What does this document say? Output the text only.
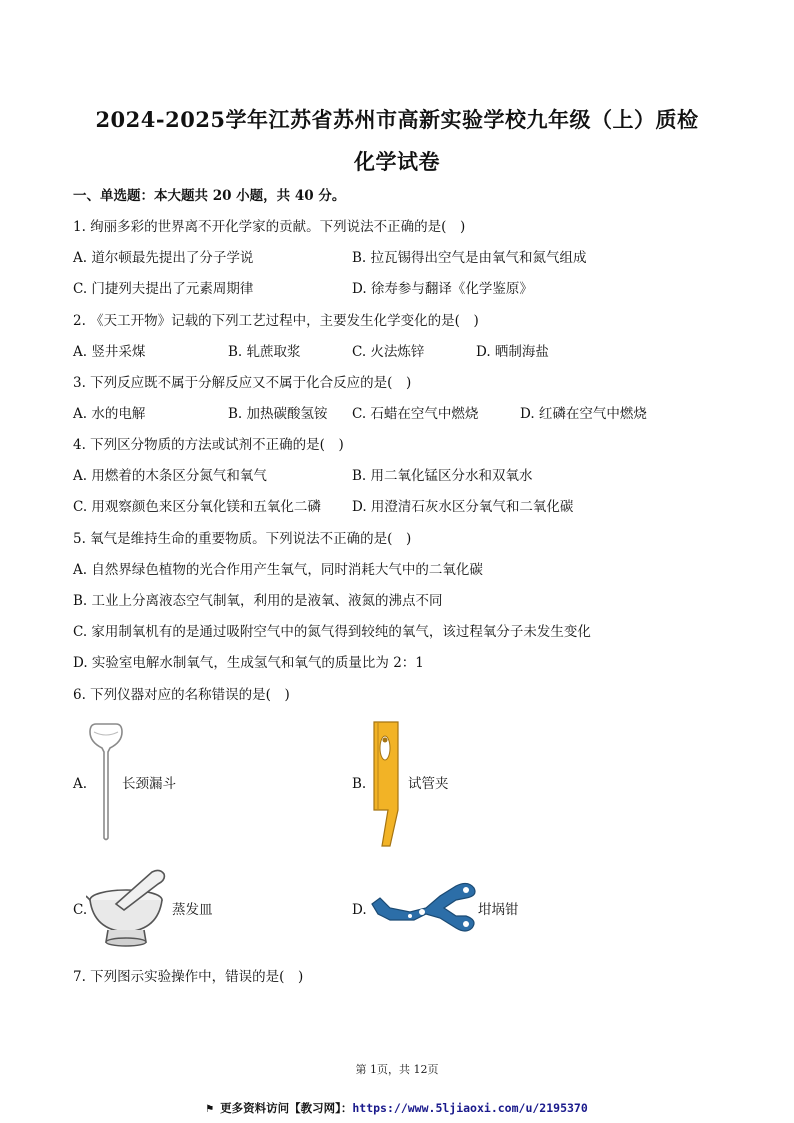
2024-2025学年江苏省苏州市高新实验学校九年级（上）质检
化学试卷
一、单选题：本大题共 20 小题，共 40 分。
1. 绚丽多彩的世界离不开化学家的贡献。下列说法不正确的是(　)
A. 道尔顿最先提出了分子学说	B. 拉瓦锡得出空气是由氧气和氮气组成
C. 门捷列夫提出了元素周期律	D. 徐寿参与翻译《化学鉴原》
2. 《天工开物》记载的下列工艺过程中，主要发生化学变化的是(　)
A. 竖井采煤	B. 轧蔗取浆	C. 火法炼锌	D. 晒制海盐
3. 下列反应既不属于分解反应又不属于化合反应的是(　)
A. 水的电解	B. 加热碳酸氢铵 C. 石蜡在空气中燃烧	D. 红磷在空气中燃烧
4. 下列区分物质的方法或试剂不正确的是(　)
A. 用燃着的木条区分氮气和氧气	B. 用二氧化锰区分水和双氧水
C. 用观察颜色来区分氧化镁和五氧化二磷 D. 用澄清石灰水区分氧气和二氧化碳
5. 氧气是维持生命的重要物质。下列说法不正确的是(　)
A. 自然界绿色植物的光合作用产生氧气，同时消耗大气中的二氧化碳
B. 工业上分离液态空气制氧，利用的是液氧、液氮的沸点不同
C. 家用制氧机有的是通过吸附空气中的氮气得到较纯的氧气，该过程氧分子未发生变化
D. 实验室电解水制氧气，生成氢气和氧气的质量比为 2：1
6. 下列仪器对应的名称错误的是(　)
A.	长颈漏斗	B.	试管夹
C.	蒸发皿	D.	坩埚钳
7. 下列图示实验操作中，错误的是(　)
第 1页，共 12页
⚑ 更多资料访问【教习网】：https://www.5ljiaoxi.com/u/2195370
